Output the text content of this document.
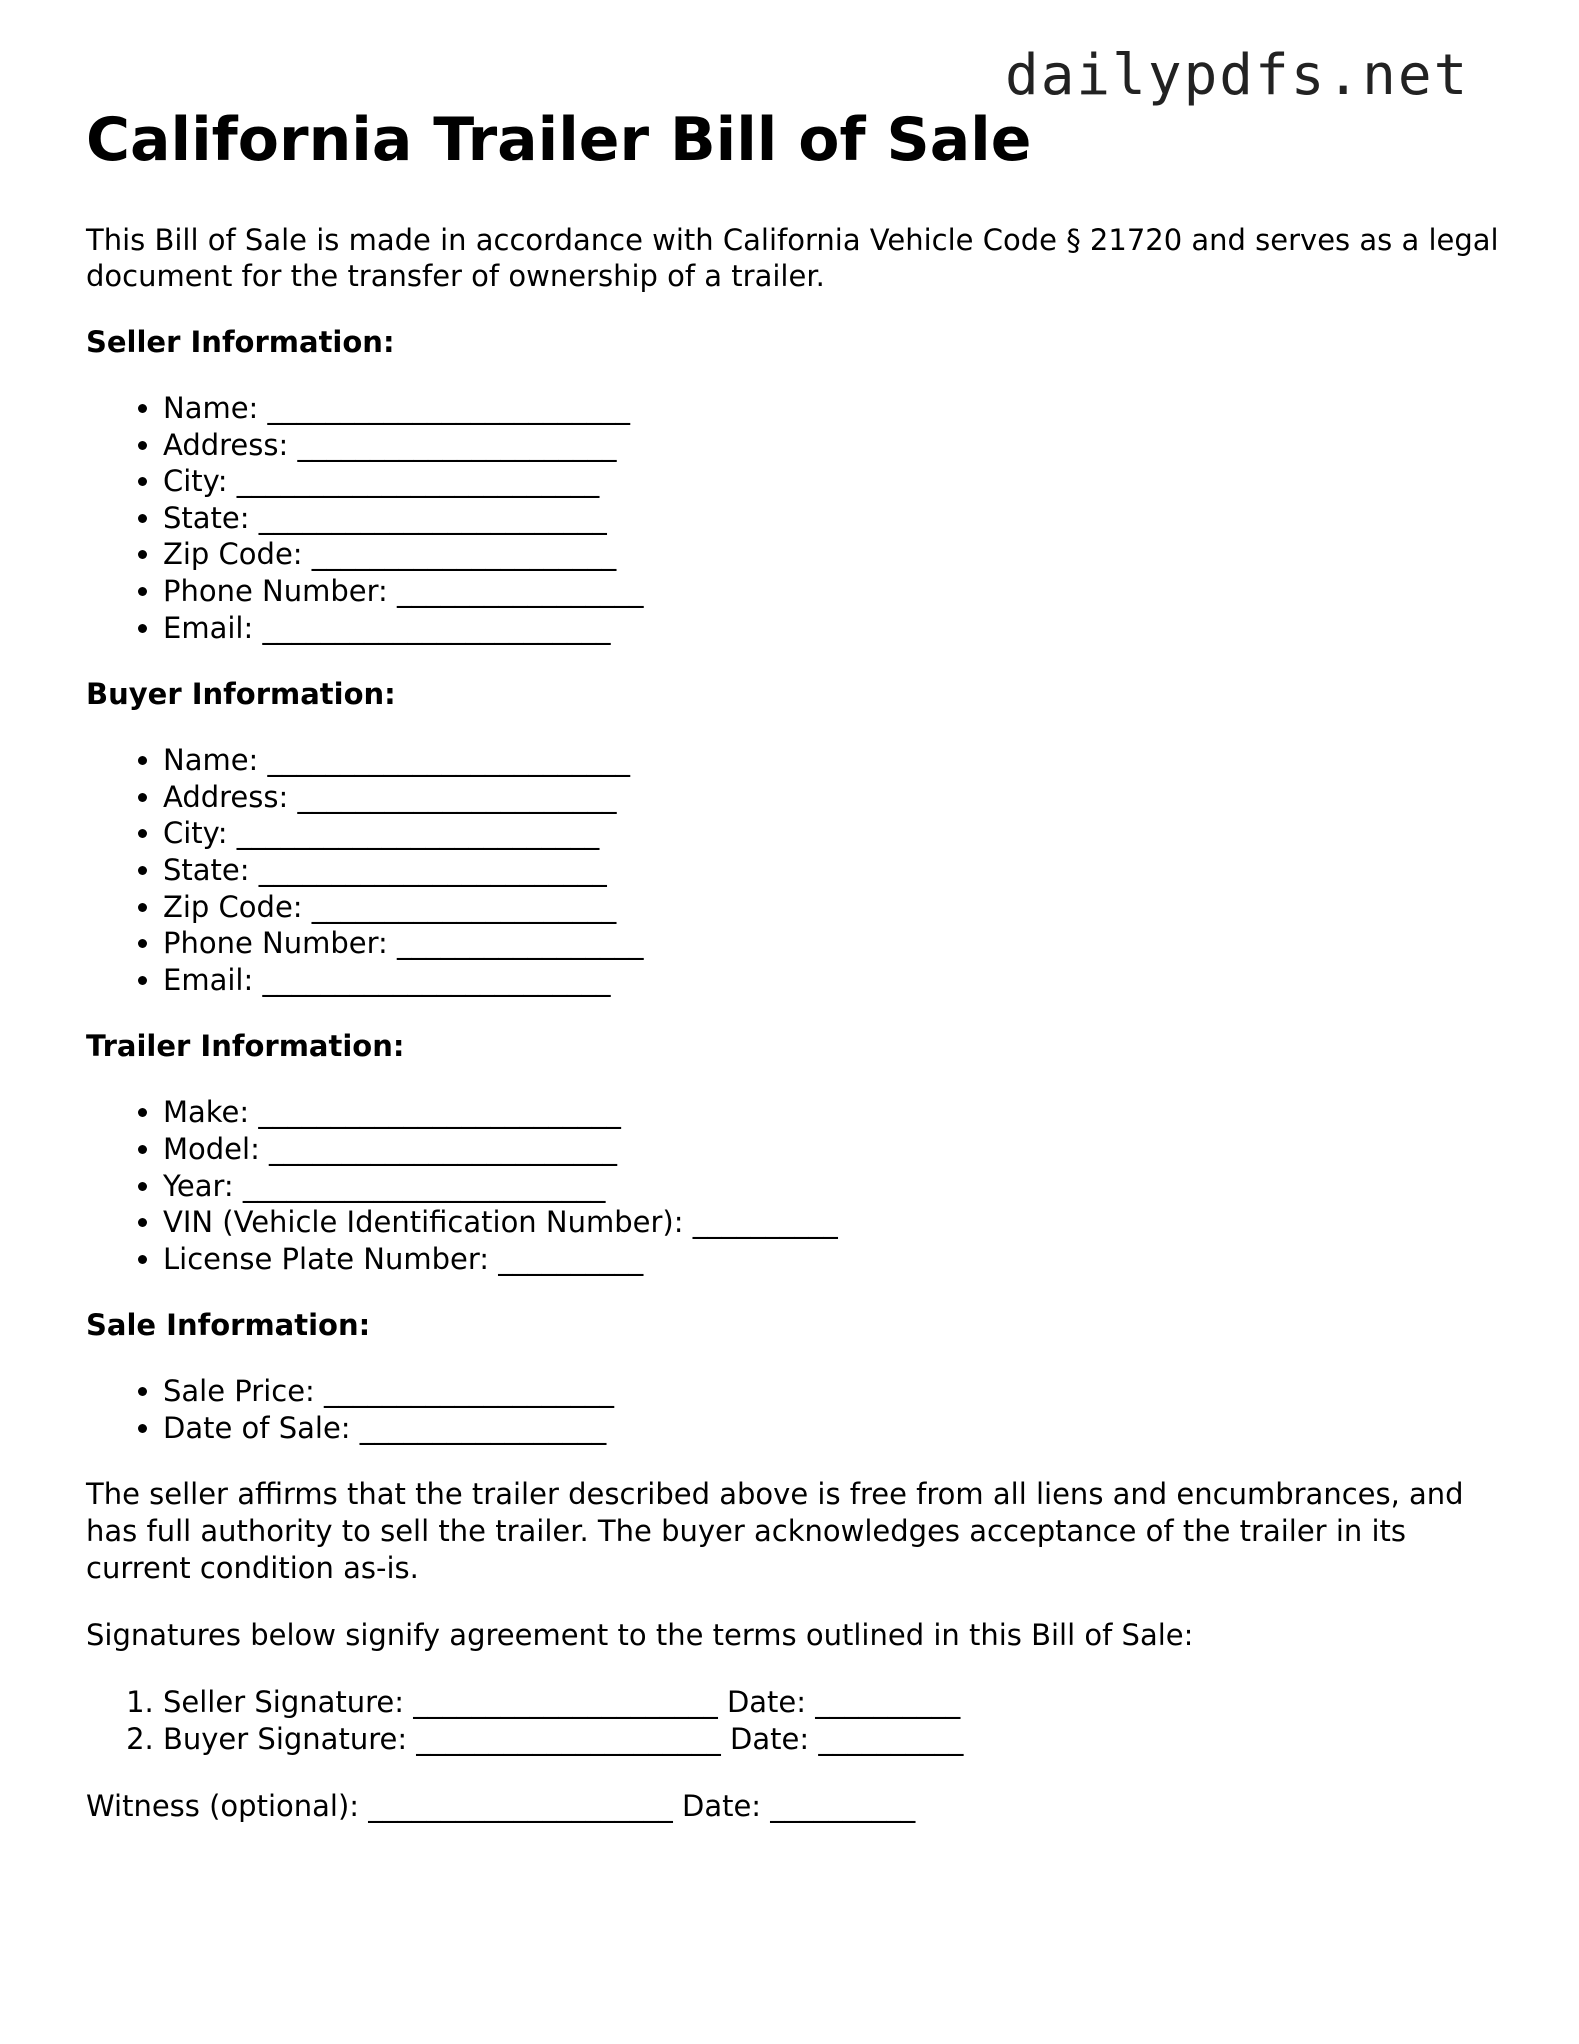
dailypdfs.net
California Trailer Bill of Sale

This Bill of Sale is made in accordance with California Vehicle Code § 21720 and serves as a legal document for the transfer of ownership of a trailer.

Seller Information:

• Name: _________________________
• Address: ______________________
• City: _________________________
• State: ________________________
• Zip Code: _____________________
• Phone Number: _________________
• Email: ________________________

Buyer Information:

• Name: _________________________
• Address: ______________________
• City: _________________________
• State: ________________________
• Zip Code: _____________________
• Phone Number: _________________
• Email: ________________________

Trailer Information:

• Make: _________________________
• Model: ________________________
• Year: _________________________
• VIN (Vehicle Identification Number): __________
• License Plate Number: __________

Sale Information:

• Sale Price: ____________________
• Date of Sale: _________________

The seller affirms that the trailer described above is free from all liens and encumbrances, and has full authority to sell the trailer. The buyer acknowledges acceptance of the trailer in its current condition as-is.

Signatures below signify agreement to the terms outlined in this Bill of Sale:

1. Seller Signature: _____________________ Date: __________
2. Buyer Signature: _____________________ Date: __________

Witness (optional): _____________________ Date: __________
